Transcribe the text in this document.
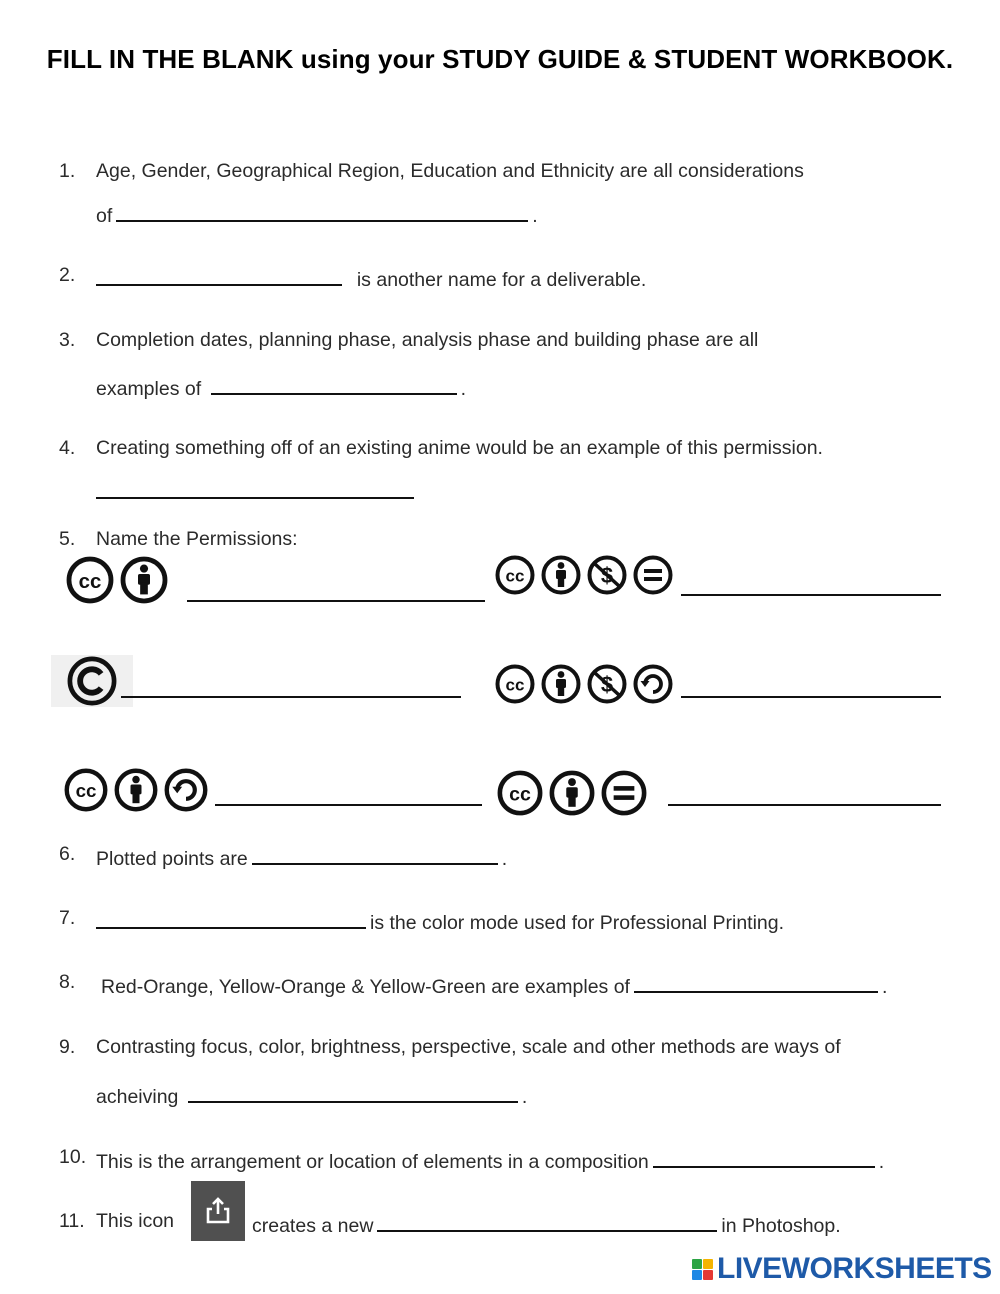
FILL IN THE BLANK using your STUDY GUIDE & STUDENT WORKBOOK.
1. Age, Gender, Geographical Region, Education and Ethnicity are all considerations
of	.
2.	is another name for a deliverable.
3. Completion dates, planning phase, analysis phase and building phase are all
examples of	.
4. Creating something off of an existing anime would be an example of this permission.
5. Name the Permissions:
6. Plotted points are	.
7.	is the color mode used for Professional Printing.
8. Red-Orange, Yellow-Orange & Yellow-Green are examples of	.
9. Contrasting focus, color, brightness, perspective, scale and other methods are ways of
acheiving	.
10. This is the arrangement or location of elements in a composition	.
11. This icon	creates a new	in Photoshop.
LIVEWORKSHEETS
